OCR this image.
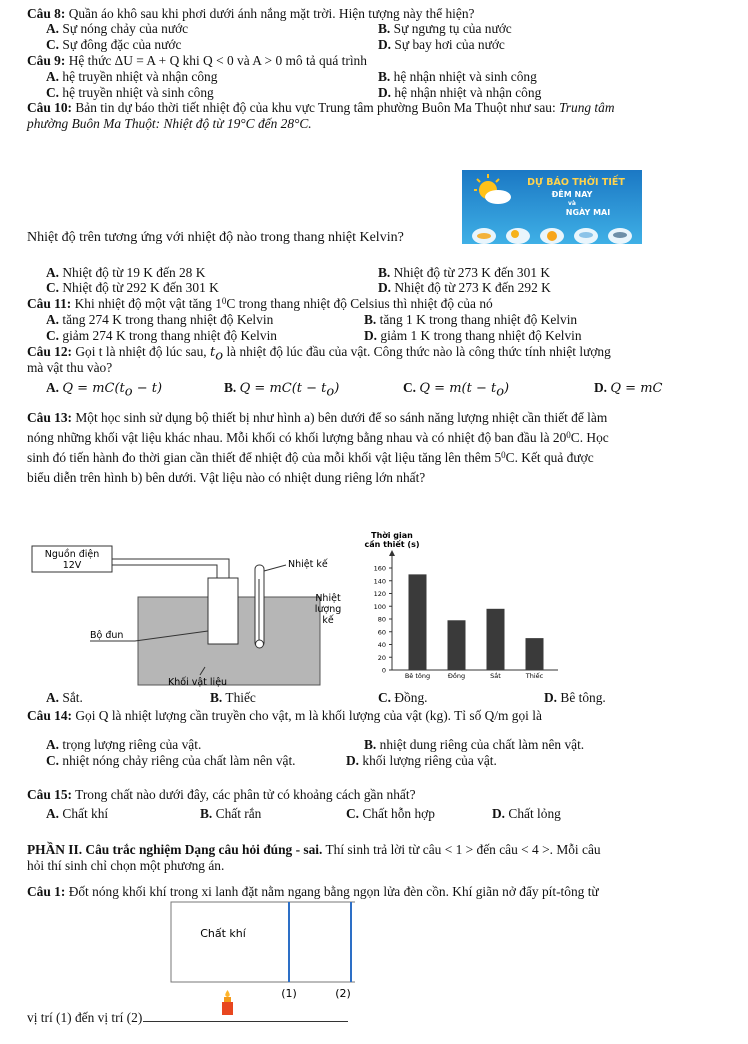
Câu 8: Quần áo khô sau khi phơi dưới ánh nắng mặt trời. Hiện tượng này thể hiện?
A. Sự nóng chảy của nước	B. Sự ngưng tụ của nước
C. Sự đông đặc của nước	D. Sự bay hơi của nước
Câu 9: Hệ thức ΔU = A + Q khi Q < 0 và A > 0 mô tả quá trình
A. hệ truyền nhiệt và nhận công	B. hệ nhận nhiệt và sinh công
C. hệ truyền nhiệt và sinh công	D. hệ nhận nhiệt và nhận công
Câu 10: Bản tin dự báo thời tiết nhiệt độ của khu vực Trung tâm phường Buôn Ma Thuột như sau: Trung tâm
phường Buôn Ma Thuột: Nhiệt độ từ 19°C đến 28°C.
DỰ BÁO THỜI TIẾT
ĐÊM NAY
và
NGÀY MAI
Nhiệt độ trên tương ứng với nhiệt độ nào trong thang nhiệt Kelvin?
A. Nhiệt độ từ 19 K đến 28 K	B. Nhiệt độ từ 273 K đến 301 K
C. Nhiệt độ từ 292 K đến 301 K	D. Nhiệt độ từ 273 K đến 292 K
Câu 11: Khi nhiệt độ một vật tăng $1^0C$ trong thang nhiệt độ Celsius thì nhiệt độ của nó
A. tăng 274 K trong thang nhiệt độ Kelvin	B. tăng 1 K trong thang nhiệt độ Kelvin
C. giảm 274 K trong thang nhiệt độ Kelvin	D. giảm 1 K trong thang nhiệt độ Kelvin
Câu 12: Gọi t là nhiệt độ lúc sau, $t_o$ là nhiệt độ lúc đầu của vật. Công thức nào là công thức tính nhiệt lượng
mà vật thu vào?
A. $Q = mC(t_o - t)$	B. $Q = mC(t - t_o)$	C. $Q = m(t - t_o)$	D. Q = mC
Câu 13: Một học sinh sử dụng bộ thiết bị như hình a) bên dưới để so sánh năng lượng nhiệt cần thiết để làm
nóng những khối vật liệu khác nhau. Mỗi khối có khối lượng bằng nhau và có nhiệt độ ban đầu là $20^0C$. Học
sinh đó tiến hành đo thời gian cần thiết để nhiệt độ của mỗi khối vật liệu tăng lên thêm $5^0C$. Kết quả được
biểu diễn trên hình b) bên dưới. Vật liệu nào có nhiệt dung riêng lớn nhất?
Nguồn điện
12V	Nhiệt kế
Nhiệt
lượng
kế
Bộ đun
Khối vật liệu
Thời gian
cần thiết (s)
0
20
40
60
80
100
120
140
160
Bê tông	Đồng	Sắt	Thiếc
A. Sắt.	B. Thiếc	C. Đồng.	D. Bê tông.
Câu 14: Gọi Q là nhiệt lượng cần truyền cho vật, m là khối lượng của vật (kg). Tỉ số Q/m gọi là
A. trọng lượng riêng của vật.	B. nhiệt dung riêng của chất làm nên vật.
C. nhiệt nóng chảy riêng của chất làm nên vật.	D. khối lượng riêng của vật.
Câu 15: Trong chất nào dưới đây, các phân tử có khoảng cách gần nhất?
A. Chất khí	B. Chất rắn	C. Chất hỗn hợp	D. Chất lỏng
PHẦN II. Câu trắc nghiệm Dạng câu hỏi đúng - sai. Thí sinh trả lời từ câu < 1 > đến câu < 4 >. Mỗi câu
hỏi thí sinh chỉ chọn một phương án.
Câu 1: Đốt nóng khối khí trong xi lanh đặt nằm ngang bằng ngọn lửa đèn cồn. Khí giãn nở đẩy pít-tông từ
Chất khí
(1)	(2)
vị trí (1) đến vị trí (2)
